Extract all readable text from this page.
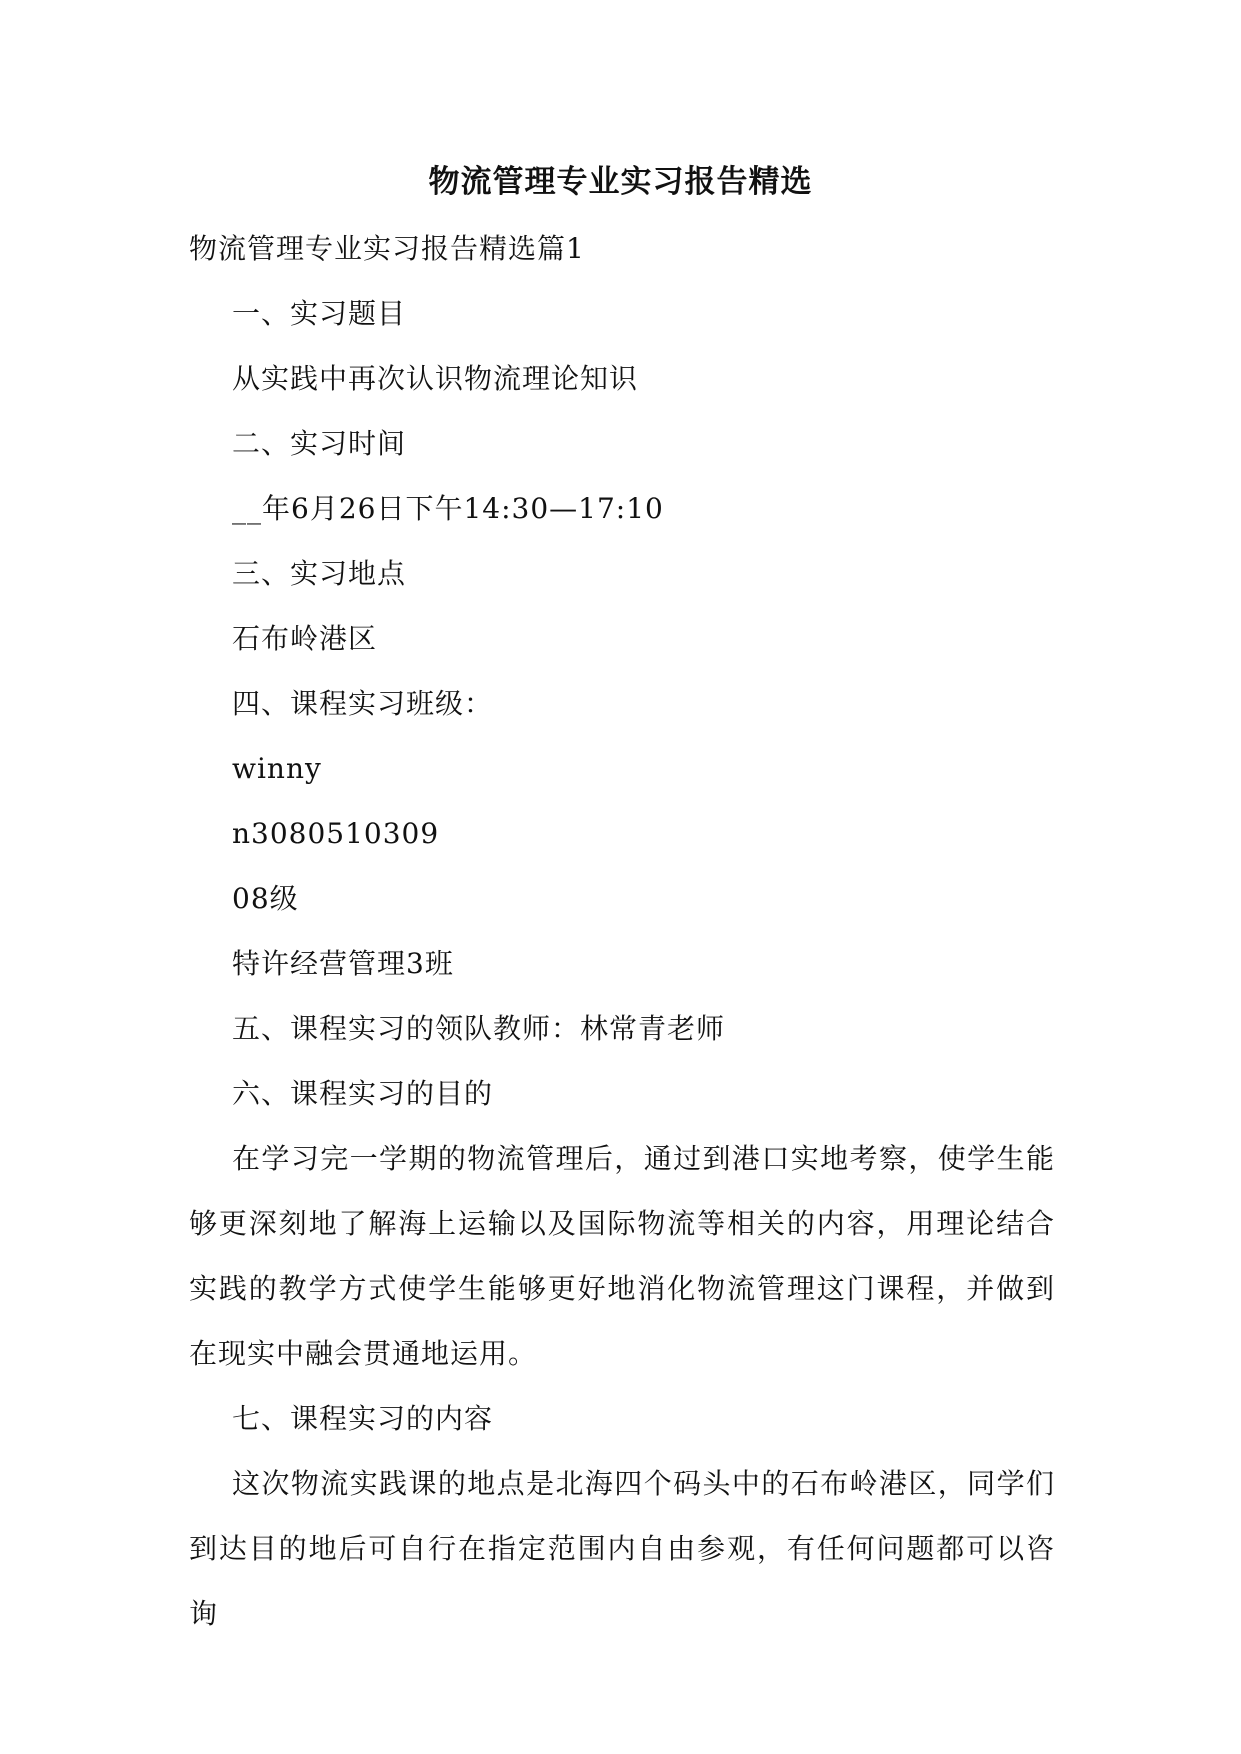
物流管理专业实习报告精选
物流管理专业实习报告精选篇1
一、实习题目
从实践中再次认识物流理论知识
二、实习时间
__年6月26日下午14:30—17:10
三、实习地点
石布岭港区
四、课程实习班级：
winny
n3080510309
08级
特许经营管理3班
五、课程实习的领队教师：林常青老师
六、课程实习的目的
在学习完一学期的物流管理后，通过到港口实地考察，使学生能够更深刻地了解海上运输以及国际物流等相关的内容，用理论结合实践的教学方式使学生能够更好地消化物流管理这门课程，并做到在现实中融会贯通地运用。
七、课程实习的内容
这次物流实践课的地点是北海四个码头中的石布岭港区，同学们到达目的地后可自行在指定范围内自由参观，有任何问题都可以咨询
